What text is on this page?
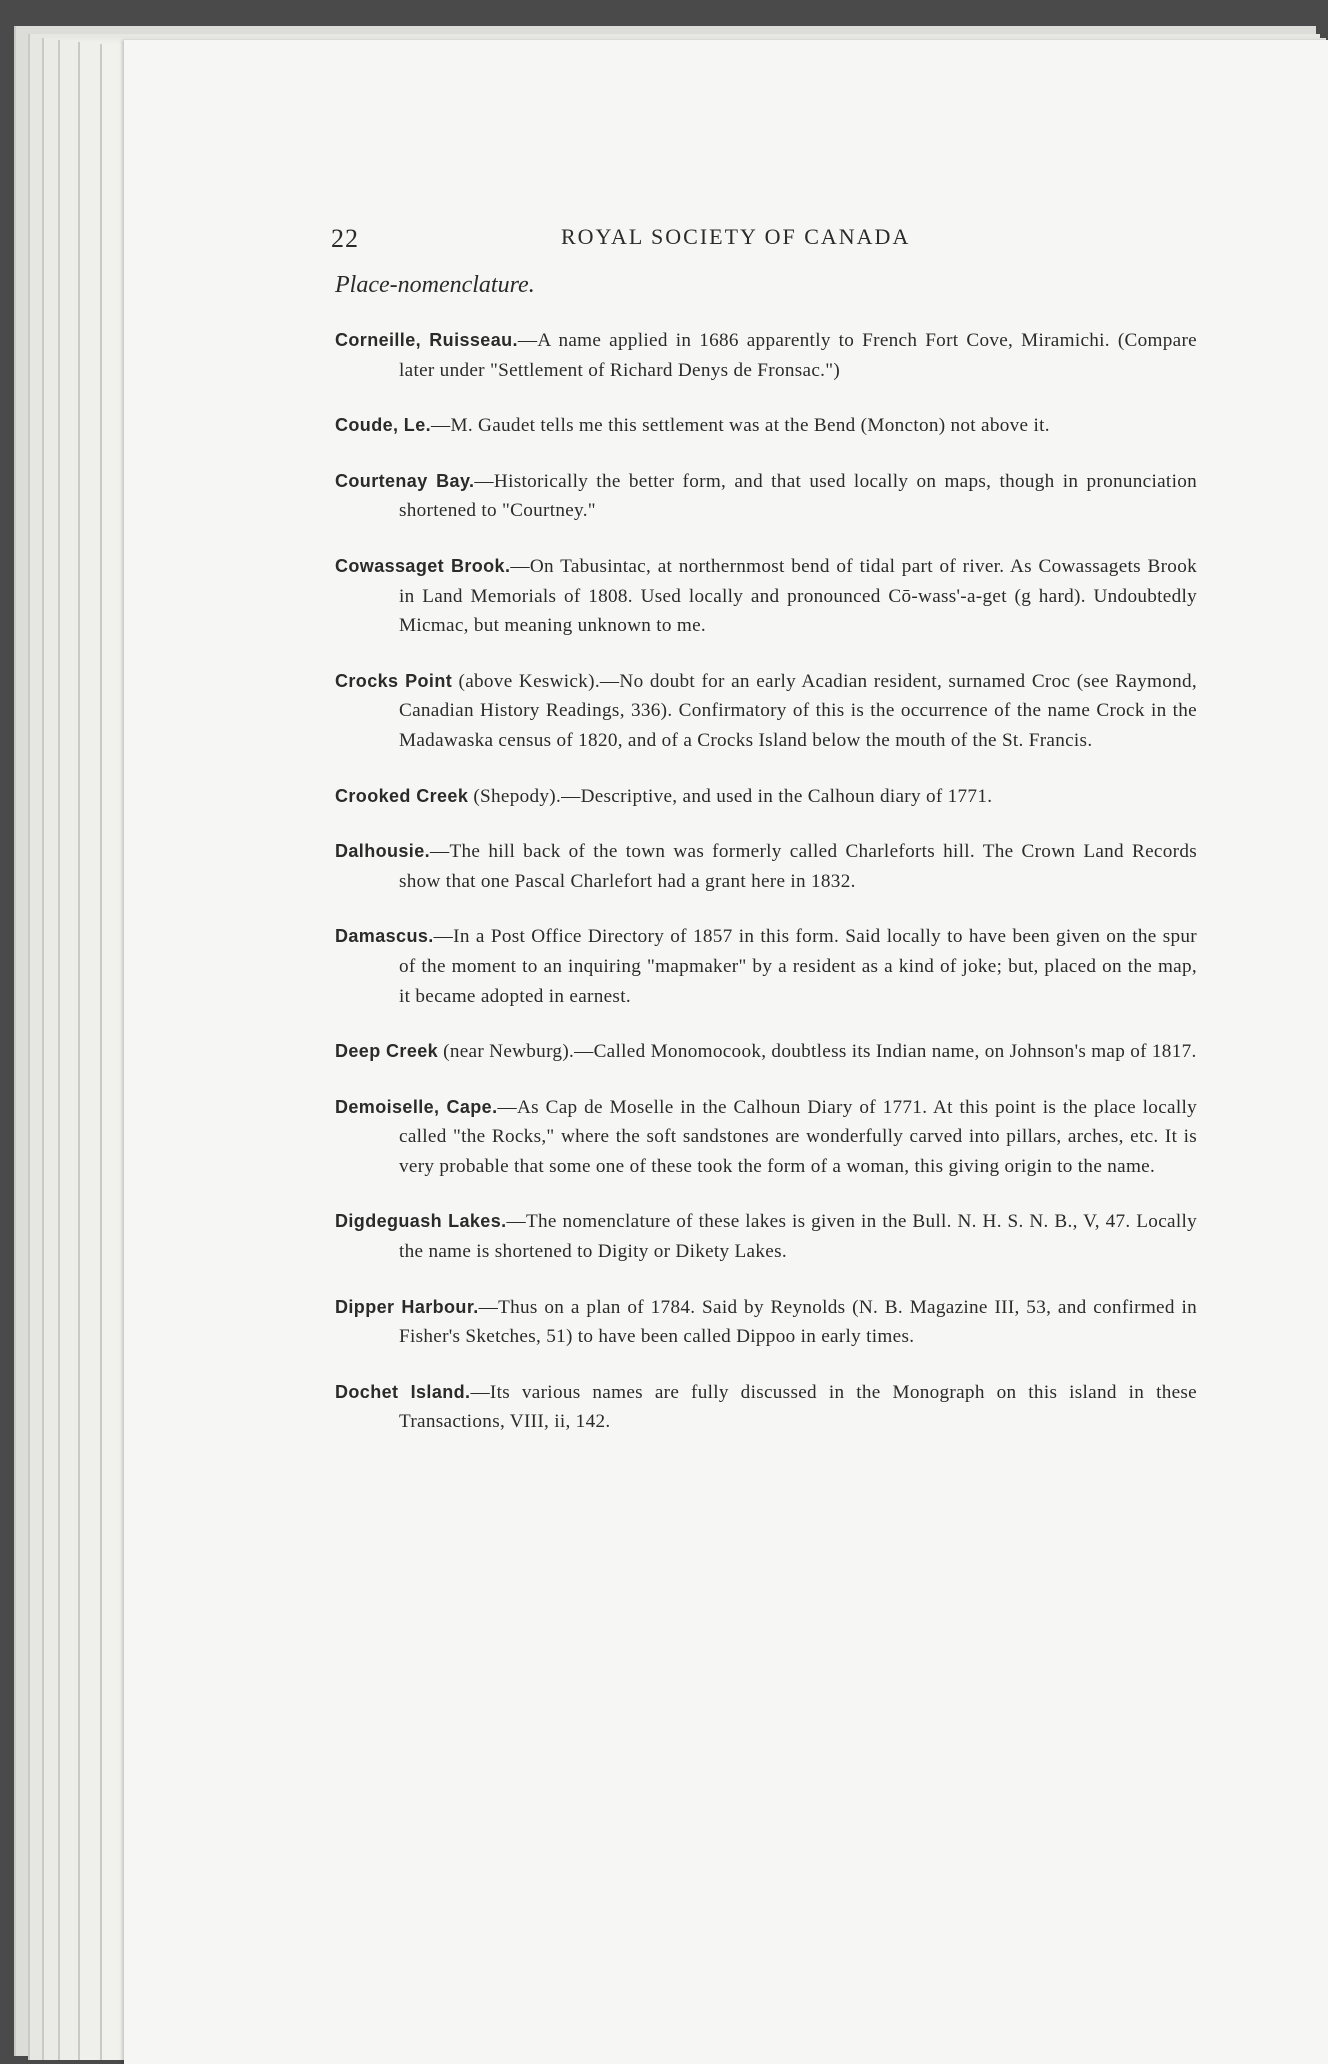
22	ROYAL SOCIETY OF CANADA
Place-nomenclature.

Corneille, Ruisseau.—A name applied in 1686 apparently to French Fort Cove, Miramichi. (Compare later under "Settlement of Richard Denys de Fronsac.")

Coude, Le.—M. Gaudet tells me this settlement was at the Bend (Moncton) not above it.

Courtenay Bay.—Historically the better form, and that used locally on maps, though in pronunciation shortened to "Courtney."

Cowassaget Brook.—On Tabusintac, at northernmost bend of tidal part of river. As Cowassagets Brook in Land Memorials of 1808. Used locally and pronounced Cō-wass'-a-get (g hard). Undoubtedly Micmac, but meaning unknown to me.

Crocks Point (above Keswick).—No doubt for an early Acadian resident, surnamed Croc (see Raymond, Canadian History Readings, 336). Confirmatory of this is the occurrence of the name Crock in the Madawaska census of 1820, and of a Crocks Island below the mouth of the St. Francis.

Crooked Creek (Shepody).—Descriptive, and used in the Calhoun diary of 1771.

Dalhousie.—The hill back of the town was formerly called Charleforts hill. The Crown Land Records show that one Pascal Charlefort had a grant here in 1832.

Damascus.—In a Post Office Directory of 1857 in this form. Said locally to have been given on the spur of the moment to an inquiring "mapmaker" by a resident as a kind of joke; but, placed on the map, it became adopted in earnest.

Deep Creek (near Newburg).—Called Monomocook, doubtless its Indian name, on Johnson's map of 1817.

Demoiselle, Cape.—As Cap de Moselle in the Calhoun Diary of 1771. At this point is the place locally called "the Rocks," where the soft sandstones are wonderfully carved into pillars, arches, etc. It is very probable that some one of these took the form of a woman, this giving origin to the name.

Digdeguash Lakes.—The nomenclature of these lakes is given in the Bull. N. H. S. N. B., V, 47. Locally the name is shortened to Digity or Dikety Lakes.

Dipper Harbour.—Thus on a plan of 1784. Said by Reynolds (N. B. Magazine III, 53, and confirmed in Fisher's Sketches, 51) to have been called Dippoo in early times.

Dochet Island.—Its various names are fully discussed in the Monograph on this island in these Transactions, VIII, ii, 142.
